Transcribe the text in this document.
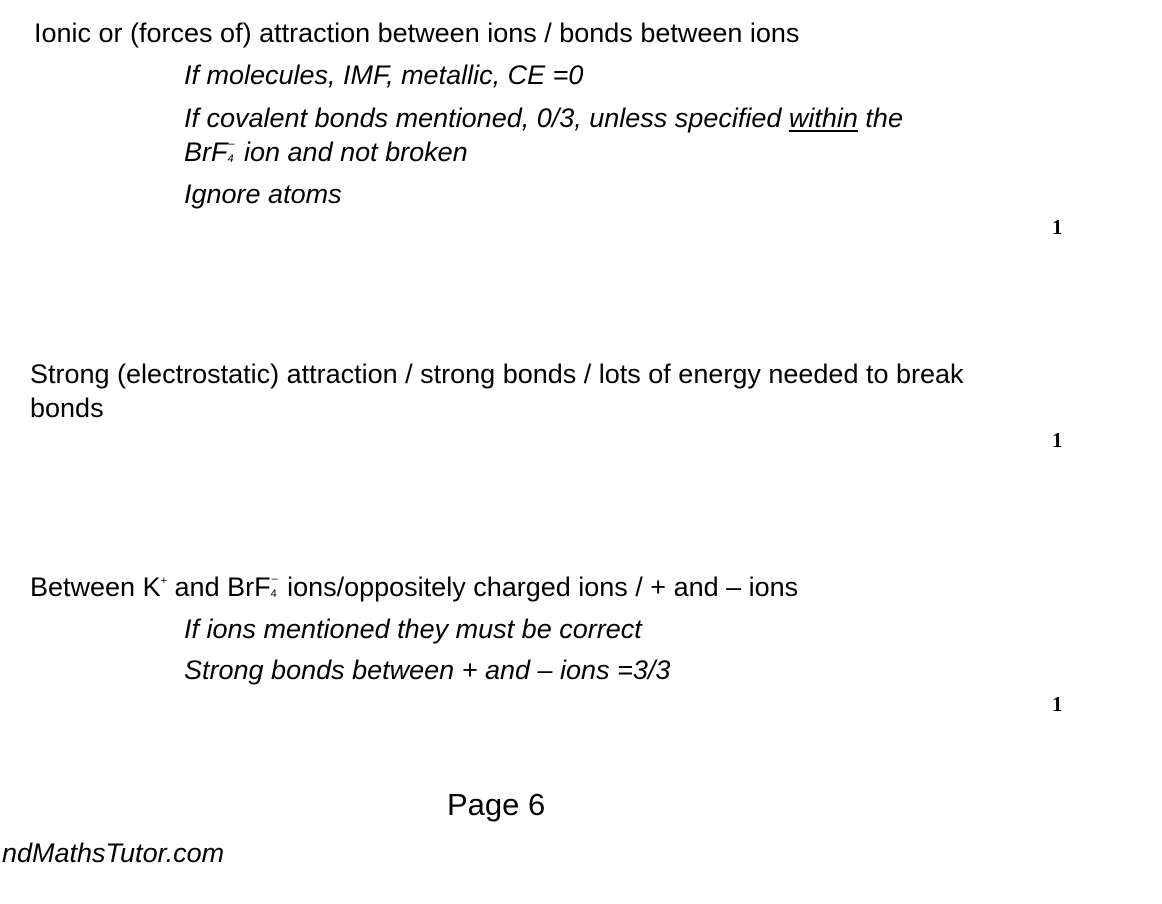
Ionic or (forces of) attraction between ions / bonds between ions
If molecules, IMF, metallic, CE =0
If covalent bonds mentioned, 0/3, unless specified within the
BrF –
4 ion and not broken
Ignore atoms
1
Strong (electrostatic) attraction / strong bonds / lots of energy needed to break
bonds
1
Between K+ and BrF –
4 ions/oppositely charged ions / + and – ions
If ions mentioned they must be correct
Strong bonds between + and – ions =3/3
1
Page 6
ndMathsTutor.com
